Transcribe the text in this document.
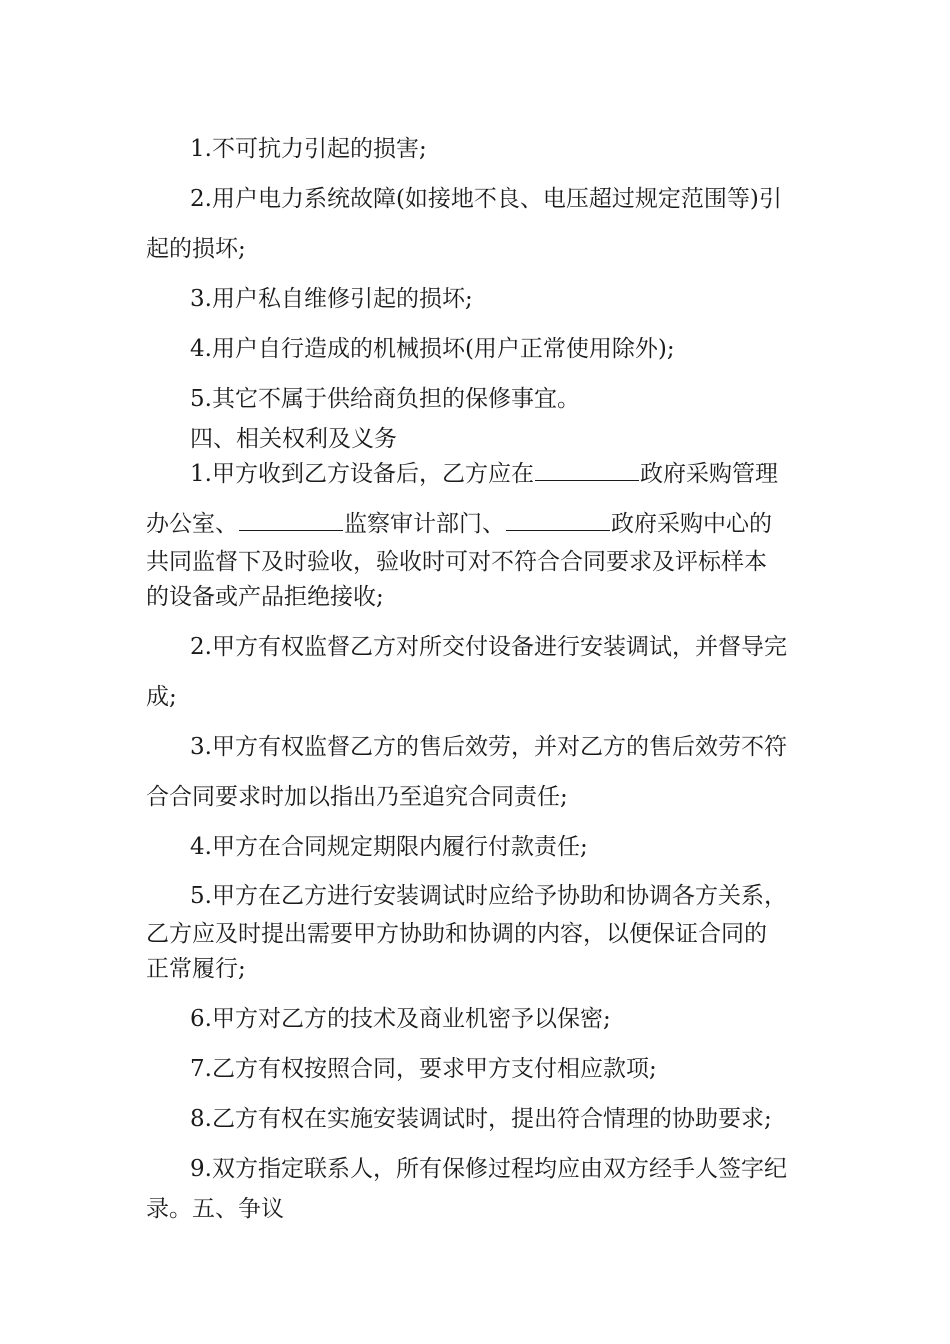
1.不可抗力引起的损害;

2.用户电力系统故障(如接地不良、电压超过规定范围等)引

起的损坏;

3.用户私自维修引起的损坏;

4.用户自行造成的机械损坏(用户正常使用除外);

5.其它不属于供给商负担的保修事宜。

四、相关权利及义务

1.甲方收到乙方设备后，乙方应在	政府采购管理

办公室、	监察审计部门、	政府采购中心的

共同监督下及时验收，验收时可对不符合合同要求及评标样本

的设备或产品拒绝接收;

2.甲方有权监督乙方对所交付设备进行安装调试，并督导完

成;

3.甲方有权监督乙方的售后效劳，并对乙方的售后效劳不符

合合同要求时加以指出乃至追究合同责任;

4.甲方在合同规定期限内履行付款责任;

5.甲方在乙方进行安装调试时应给予协助和协调各方关系，

乙方应及时提出需要甲方协助和协调的内容，以便保证合同的

正常履行;

6.甲方对乙方的技术及商业机密予以保密;

7.乙方有权按照合同，要求甲方支付相应款项;

8.乙方有权在实施安装调试时，提出符合情理的协助要求;

9.双方指定联系人，所有保修过程均应由双方经手人签字纪

录。五、争议
